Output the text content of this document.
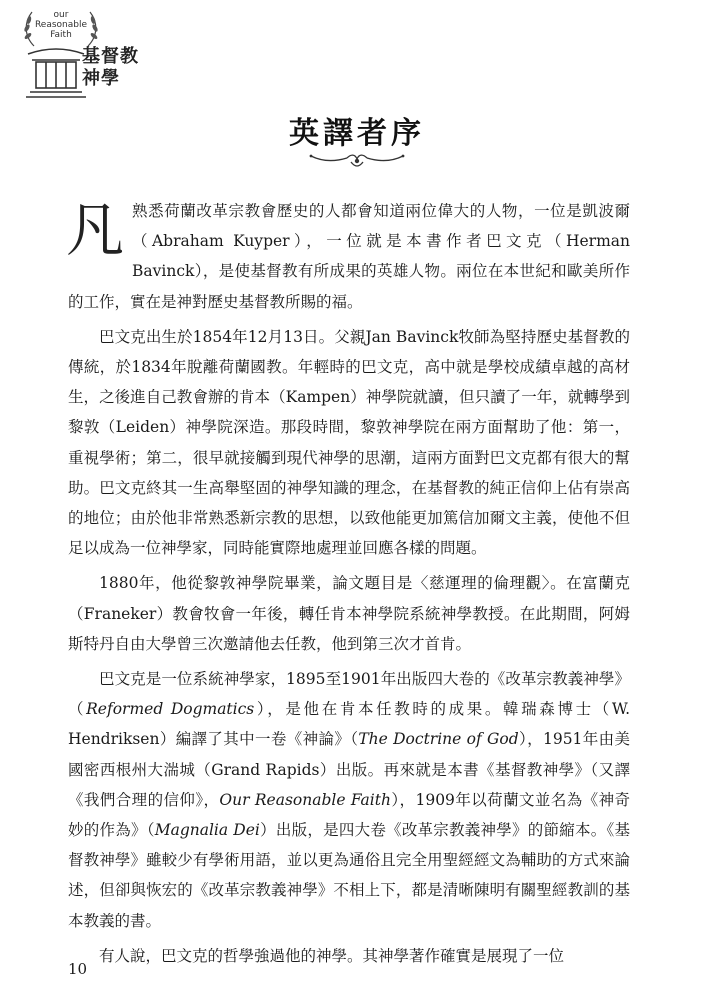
our
Reasonable
Faith
基督教
神學
英譯者序

凡熟悉荷蘭改革宗教會歷史的人都會知道兩位偉大的人物，一位是凱波爾（Abraham Kuyper），一位就是本書作者巴文克（Herman Bavinck），是使基督教有所成果的英雄人物。兩位在本世紀和歐美所作的工作，實在是神對歷史基督教所賜的福。

巴文克出生於1854年12月13日。父親Jan Bavinck牧師為堅持歷史基督教的傳統，於1834年脫離荷蘭國教。年輕時的巴文克，高中就是學校成績卓越的高材生，之後進自己教會辦的肯本（Kampen）神學院就讀，但只讀了一年，就轉學到黎敦（Leiden）神學院深造。那段時間，黎敦神學院在兩方面幫助了他：第一，重視學術；第二，很早就接觸到現代神學的思潮，這兩方面對巴文克都有很大的幫助。巴文克終其一生高舉堅固的神學知識的理念，在基督教的純正信仰上佔有崇高的地位；由於他非常熟悉新宗教的思想，以致他能更加篤信加爾文主義，使他不但足以成為一位神學家，同時能實際地處理並回應各樣的問題。

1880年，他從黎敦神學院畢業，論文題目是〈慈運理的倫理觀〉。在富蘭克（Franeker）教會牧會一年後，轉任肯本神學院系統神學教授。在此期間，阿姆斯特丹自由大學曾三次邀請他去任教，他到第三次才首肯。

巴文克是一位系統神學家，1895至1901年出版四大卷的《改革宗教義神學》（Reformed Dogmatics），是他在肯本任教時的成果。韓瑞森博士（W. Hendriksen）編譯了其中一卷《神論》（The Doctrine of God），1951年由美國密西根州大湍城（Grand Rapids）出版。再來就是本書《基督教神學》（又譯《我們合理的信仰》，Our Reasonable Faith），1909年以荷蘭文並名為《神奇妙的作為》（Magnalia Dei）出版，是四大卷《改革宗教義神學》的節縮本。《基督教神學》雖較少有學術用語，並以更為通俗且完全用聖經經文為輔助的方式來論述，但卻與恢宏的《改革宗教義神學》不相上下，都是清晰陳明有關聖經教訓的基本教義的書。

有人說，巴文克的哲學強過他的神學。其神學著作確實是展現了一位

10
